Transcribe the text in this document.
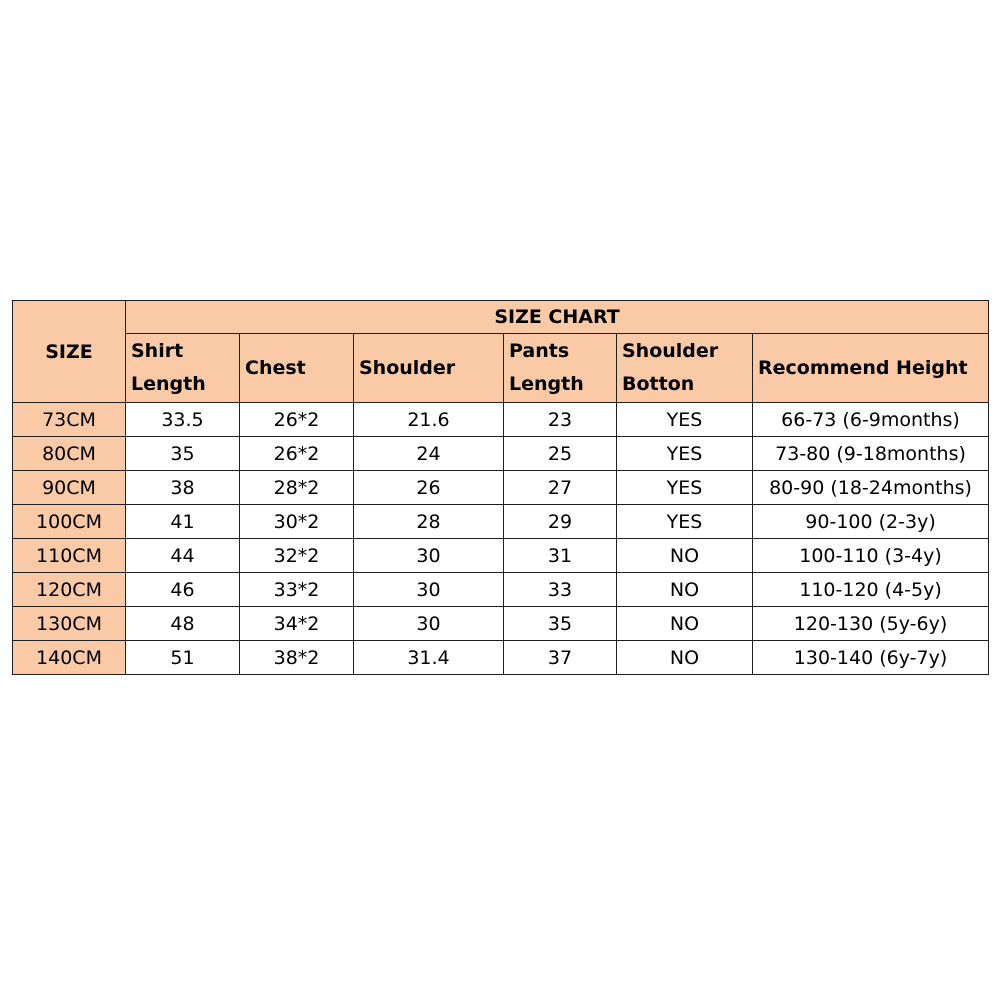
SIZE	SIZE CHART					
	Shirt Length	Chest	Shoulder	Pants Length	Shoulder Botton	Recommend Height
73CM	33.5	26*2	21.6	23	YES	66-73 (6-9months)
80CM	35	26*2	24	25	YES	73-80 (9-18months)
90CM	38	28*2	26	27	YES	80-90 (18-24months)
100CM	41	30*2	28	29	YES	90-100 (2-3y)
110CM	44	32*2	30	31	NO	100-110 (3-4y)
120CM	46	33*2	30	33	NO	110-120 (4-5y)
130CM	48	34*2	30	35	NO	120-130 (5y-6y)
140CM	51	38*2	31.4	37	NO	130-140 (6y-7y)
